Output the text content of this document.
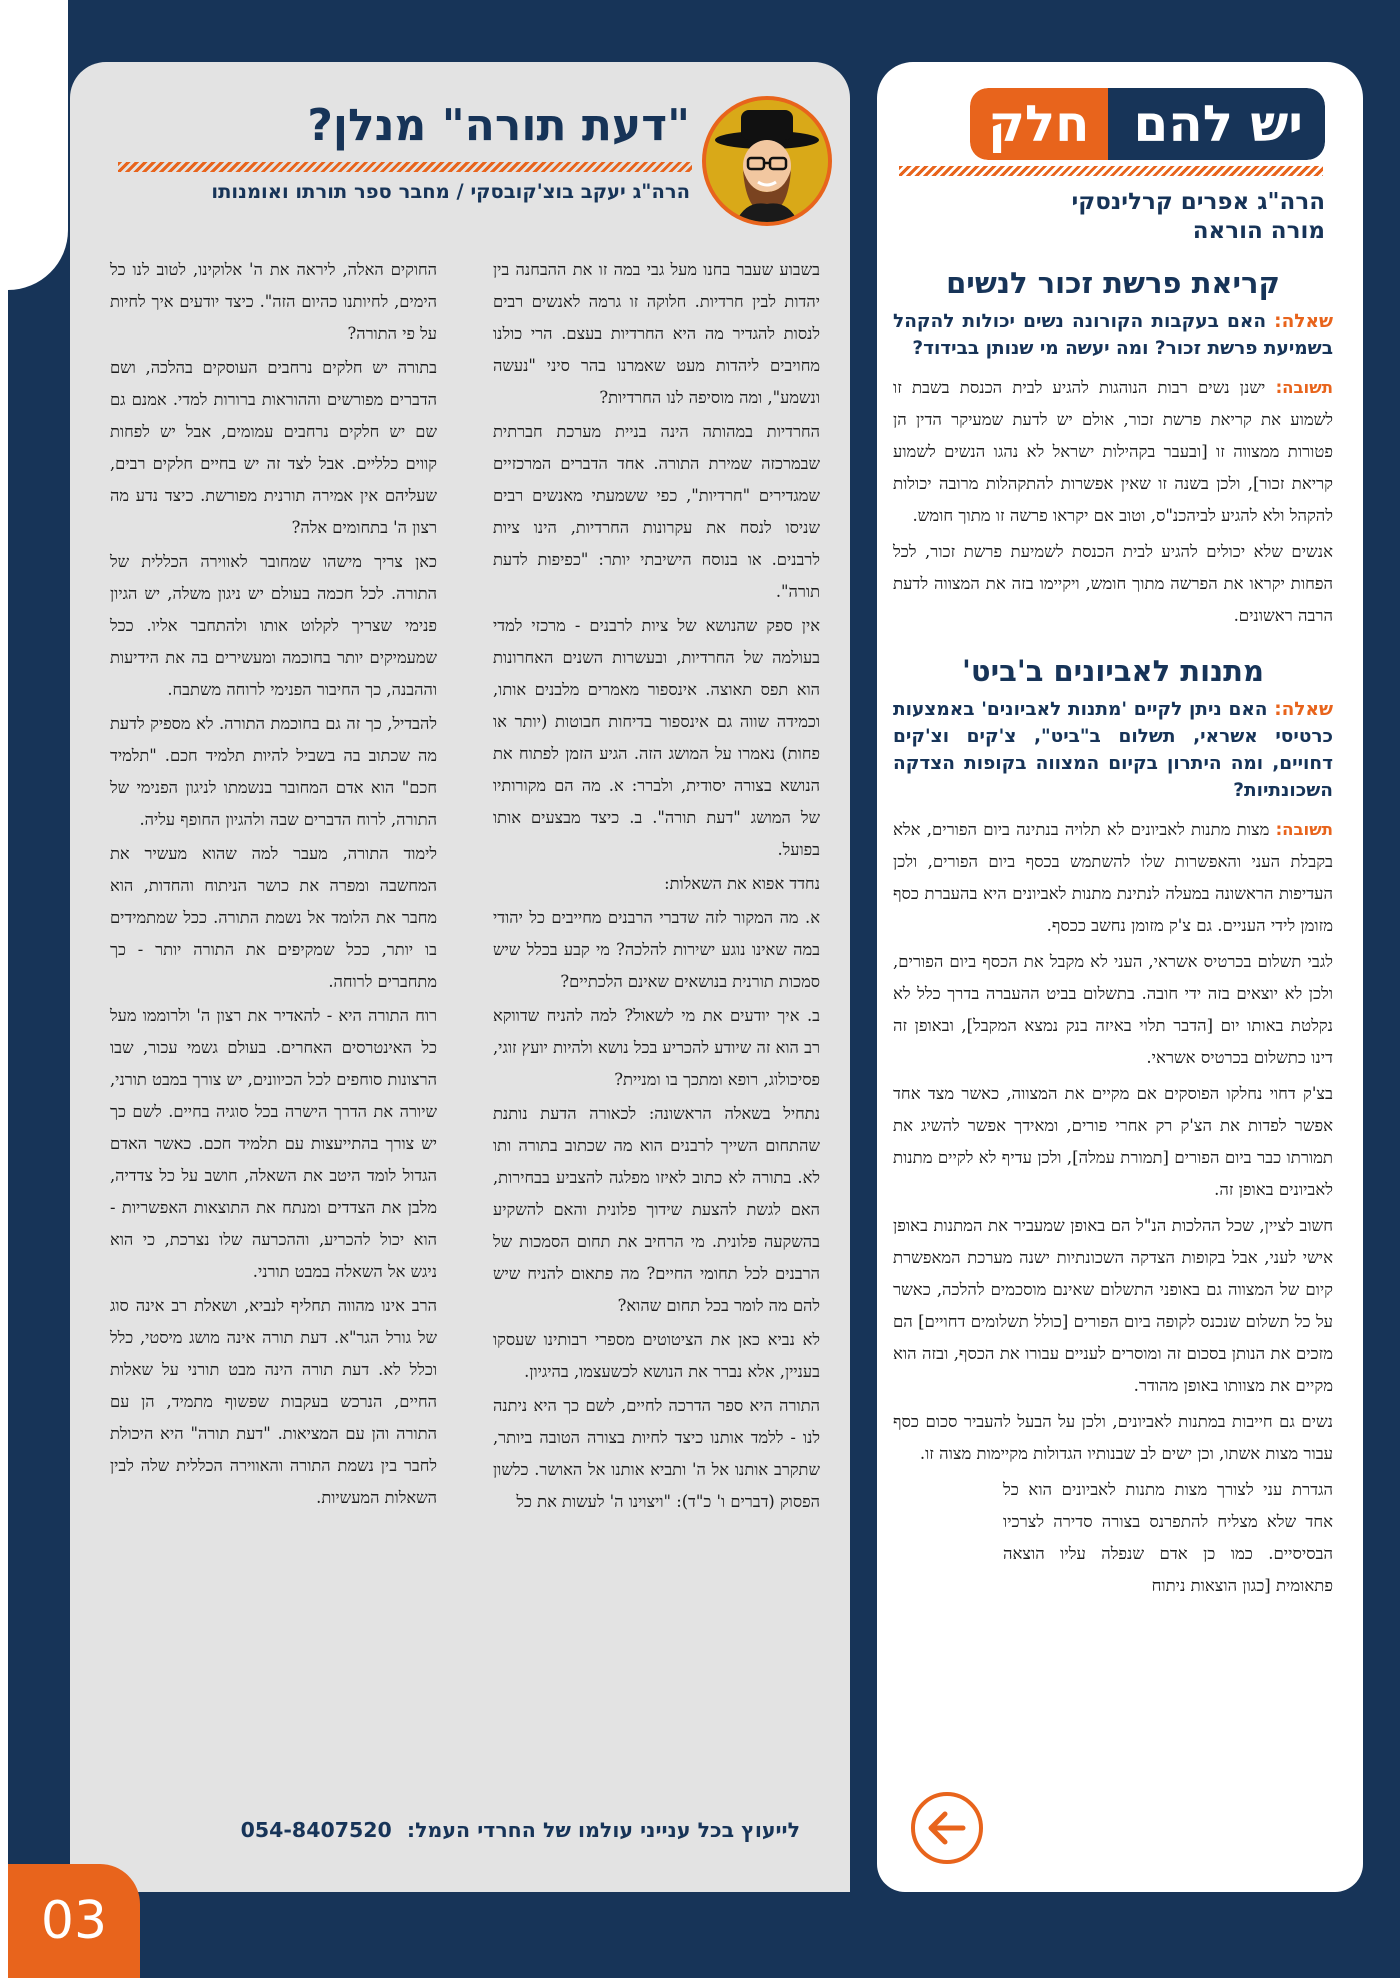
יש להם
חלק
הרה"ג אפרים קרלינסקי
מורה הוראה
קריאת פרשת זכור לנשים
שאלה: האם בעקבות הקורונה נשים יכולות להקהל בשמיעת פרשת זכור? ומה יעשה מי שנותן בבידוד?
תשובה: ישנן נשים רבות הנוהגות להגיע לבית הכנסת בשבת זו לשמוע את קריאת פרשת זכור, אולם יש לדעת שמעיקר הדין הן פטורות ממצווה זו [ובעבר בקהילות ישראל לא נהגו הנשים לשמוע קריאת זכור], ולכן בשנה זו שאין אפשרות להתקהלות מרובה יכולות להקהל ולא להגיע לביהכנ"ס, וטוב אם יקראו פרשה זו מתוך חומש.
אנשים שלא יכולים להגיע לבית הכנסת לשמיעת פרשת זכור, לכל הפחות יקראו את הפרשה מתוך חומש, ויקיימו בזה את המצווה לדעת הרבה ראשונים.
מתנות לאביונים ב'ביט'
שאלה: האם ניתן לקיים 'מתנות לאביונים' באמצעות כרטיסי אשראי, תשלום ב"ביט", צ'קים וצ'קים דחויים, ומה היתרון בקיום המצווה בקופות הצדקה השכונתיות?
תשובה: מצות מתנות לאביונים לא תלויה בנתינה ביום הפורים, אלא בקבלת העני והאפשרות שלו להשתמש בכסף ביום הפורים, ולכן העדיפות הראשונה במעלה לנתינת מתנות לאביונים היא בהעברת כסף מזומן לידי העניים. גם צ'ק מזומן נחשב ככסף.
לגבי תשלום בכרטיס אשראי, העני לא מקבל את הכסף ביום הפורים, ולכן לא יוצאים בזה ידי חובה. בתשלום בביט ההעברה בדרך כלל לא נקלטת באותו יום [הדבר תלוי באיזה בנק נמצא המקבל], ובאופן זה דינו כתשלום בכרטיס אשראי.
בצ'ק דחוי נחלקו הפוסקים אם מקיים את המצווה, כאשר מצד אחד אפשר לפדות את הצ'ק רק אחרי פורים, ומאידך אפשר להשיג את תמורתו כבר ביום הפורים [תמורת עמלה], ולכן עדיף לא לקיים מתנות לאביונים באופן זה.
חשוב לציין, שכל ההלכות הנ"ל הם באופן שמעביר את המתנות באופן אישי לעני, אבל בקופות הצדקה השכונתיות ישנה מערכת המאפשרת קיום של המצווה גם באופני התשלום שאינם מוסכמים להלכה, כאשר על כל תשלום שנכנס לקופה ביום הפורים [כולל תשלומים דחויים] הם מזכים את הנותן בסכום זה ומוסרים לעניים עבורו את הכסף, ובזה הוא מקיים את מצוותו באופן מהודר.
נשים גם חייבות במתנות לאביונים, ולכן על הבעל להעביר סכום כסף עבור מצות אשתו, וכן ישים לב שבנותיו הגדולות מקיימות מצוה זו.
הגדרת עני לצורך מצות מתנות לאביונים הוא כל אחד שלא מצליח להתפרנס בצורה סדירה לצרכיו הבסיסיים. כמו כן אדם שנפלה עליו הוצאה פתאומית [כגון הוצאות ניתוח
"דעת תורה" מנלן?
הרה"ג יעקב בוצ'קובסקי / מחבר ספר תורתו ואומנותו

בשבוע שעבר בחנו מעל גבי במה זו את ההבחנה בין יהדות לבין חרדיות. חלוקה זו גרמה לאנשים רבים לנסות להגדיר מה היא החרדיות בעצם. הרי כולנו מחויבים ליהדות מעט שאמרנו בהר סיני "נעשה ונשמע", ומה מוסיפה לנו החרדיות?

החרדיות במהותה הינה בניית מערכת חברתית שבמרכזה שמירת התורה. אחד הדברים המרכזיים שמגדירים "חרדיות", כפי ששמעתי מאנשים רבים שניסו לנסח את עקרונות החרדיות, הינו ציות לרבנים. או בנוסח הישיבתי יותר: "כפיפות לדעת תורה".

אין ספק שהנושא של ציות לרבנים - מרכזי למדי בעולמה של החרדיות, ובעשרות השנים האחרונות הוא תפס תאוצה. אינספור מאמרים מלבנים אותו, וכמידה שווה גם אינספור בדיחות חבוטות (יותר או פחות) נאמרו על המושג הזה. הגיע הזמן לפתוח את הנושא בצורה יסודית, ולברר: א. מה הם מקורותיו של המושג "דעת תורה". ב. כיצד מבצעים אותו בפועל.

נחדד אפוא את השאלות:

א. מה המקור לזה שדברי הרבנים מחייבים כל יהודי במה שאינו נוגע ישירות להלכה? מי קבע בכלל שיש סמכות תורנית בנושאים שאינם הלכתיים?

ב. איך יודעים את מי לשאול? למה להניח שדווקא רב הוא זה שיודע להכריע בכל נושא ולהיות יועץ זוגי, פסיכולוג, רופא ומתכך בו ומניית?

נתחיל בשאלה הראשונה: לכאורה הדעת נותנת שהתחום השייך לרבנים הוא מה שכתוב בתורה ותו לא. בתורה לא כתוב לאיזו מפלגה להצביע בבחירות, האם לגשת להצעת שידוך פלונית והאם להשקיע בהשקעה פלונית. מי הרחיב את תחום הסמכות של הרבנים לכל תחומי החיים? מה פתאום להניח שיש להם מה לומר בכל תחום שהוא?

לא נביא כאן את הציטוטים מספרי רבותינו שעסקו בעניין, אלא נברר את הנושא לכשעצמו, בהיגיון.

התורה היא ספר הדרכה לחיים, לשם כך היא ניתנה לנו - ללמד אותנו כיצד לחיות בצורה הטובה ביותר, שתקרב אותנו אל ה' ותביא אותנו אל האושר. כלשון הפסוק (דברים ו' כ"ד): "ויצוינו ה' לעשות את כל

החוקים האלה, ליראה את ה' אלוקינו, לטוב לנו כל הימים, לחיותנו כהיום הזה". כיצד יודעים איך לחיות על פי התורה?

בתורה יש חלקים נרחבים העוסקים בהלכה, ושם הדברים מפורשים וההוראות ברורות למדי. אמנם גם שם יש חלקים נרחבים עמומים, אבל יש לפחות קווים כלליים. אבל לצד זה יש בחיים חלקים רבים, שעליהם אין אמירה תורנית מפורשת. כיצד נדע מה רצון ה' בתחומים אלה?

כאן צריך מישהו שמחובר לאווירה הכללית של התורה. לכל חכמה בעולם יש ניגון משלה, יש הגיון פנימי שצריך לקלוט אותו ולהתחבר אליו. ככל שמעמיקים יותר בחוכמה ומעשירים בה את הידיעות וההבנה, כך החיבור הפנימי לרוחה משתבח.

להבדיל, כך זה גם בחוכמת התורה. לא מספיק לדעת מה שכתוב בה בשביל להיות תלמיד חכם. "תלמיד חכם" הוא אדם המחובר בנשמתו לניגון הפנימי של התורה, לרוח הדברים שבה ולהגיון החופף עליה.

לימוד התורה, מעבר למה שהוא מעשיר את המחשבה ומפרה את כושר הניתוח והחדות, הוא מחבר את הלומד אל נשמת התורה. ככל שמתמידים בו יותר, ככל שמקיפים את התורה יותר - כך מתחברים לרוחה.

רוח התורה היא - להאדיר את רצון ה' ולרוממו מעל כל האינטרסים האחרים. בעולם גשמי עכור, שבו הרצונות סוחפים לכל הכיוונים, יש צורך במבט תורני, שיורה את הדרך הישרה בכל סוגיה בחיים. לשם כך יש צורך בהתייעצות עם תלמיד חכם. כאשר האדם הגדול לומד היטב את השאלה, חושב על כל צדדיה, מלבן את הצדדים ומנתח את התוצאות האפשריות - הוא יכול להכריע, וההכרעה שלו נצרכת, כי הוא ניגש אל השאלה במבט תורני.

הרב אינו מהווה תחליף לנביא, ושאלת רב אינה סוג של גורל הגר"א. דעת תורה אינה מושג מיסטי, כלל וכלל לא. דעת תורה הינה מבט תורני על שאלות החיים, הנרכש בעקבות שפשוף מתמיד, הן עם התורה והן עם המציאות. "דעת תורה" היא היכולת לחבר בין נשמת התורה והאווירה הכללית שלה לבין השאלות המעשיות.

לייעוץ בכל ענייני עולמו של החרדי העמל: 054-8407520
03
